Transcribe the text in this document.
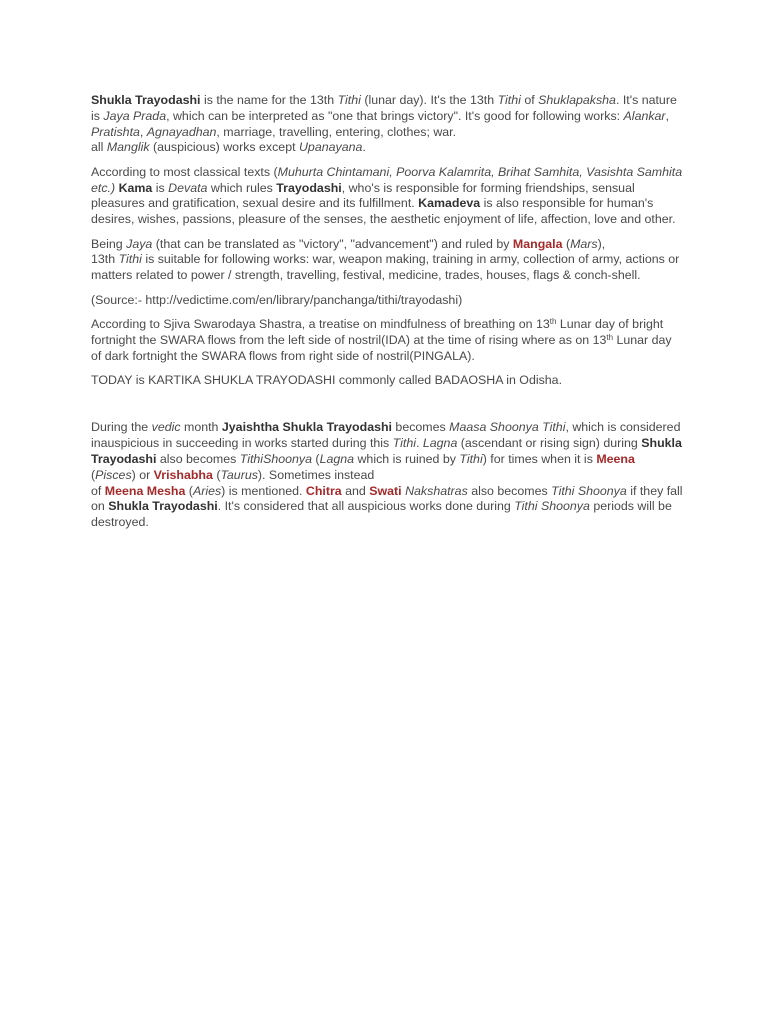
Shukla Trayodashi is the name for the 13th Tithi (lunar day). It's the 13th Tithi of Shuklapaksha. It's nature is Jaya Prada, which can be interpreted as "one that brings victory". It's good for following works: Alankar, Pratishta, Agnayadhan, marriage, travelling, entering, clothes; war.
all Manglik (auspicious) works except Upanayana.

According to most classical texts (Muhurta Chintamani, Poorva Kalamrita, Brihat Samhita, Vasishta Samhita etc.) Kama is Devata which rules Trayodashi, who's is responsible for forming friendships, sensual pleasures and gratification, sexual desire and its fulfillment. Kamadeva is also responsible for human's desires, wishes, passions, pleasure of the senses, the aesthetic enjoyment of life, affection, love and other.

Being Jaya (that can be translated as "victory", "advancement") and ruled by Mangala (Mars),
13th Tithi is suitable for following works: war, weapon making, training in army, collection of army, actions or matters related to power / strength, travelling, festival, medicine, trades, houses, flags & conch-shell.

(Source:- http://vedictime.com/en/library/panchanga/tithi/trayodashi)

According to Sjiva Swarodaya Shastra, a treatise on mindfulness of breathing on 13th Lunar day of bright fortnight the SWARA flows from the left side of nostril(IDA) at the time of rising where as on 13th Lunar day of dark fortnight the SWARA flows from right side of nostril(PINGALA).

TODAY is KARTIKA SHUKLA TRAYODASHI commonly called BADAOSHA in Odisha.

During the vedic month Jyaishtha Shukla Trayodashi becomes Maasa Shoonya Tithi, which is considered inauspicious in succeeding in works started during this Tithi. Lagna (ascendant or rising sign) during Shukla Trayodashi also becomes TithiShoonya (Lagna which is ruined by Tithi) for times when it is Meena (Pisces) or Vrishabha (Taurus). Sometimes instead
of Meena Mesha (Aries) is mentioned. Chitra and Swati Nakshatras also becomes Tithi Shoonya if they fall on Shukla Trayodashi. It's considered that all auspicious works done during Tithi Shoonya periods will be destroyed.
